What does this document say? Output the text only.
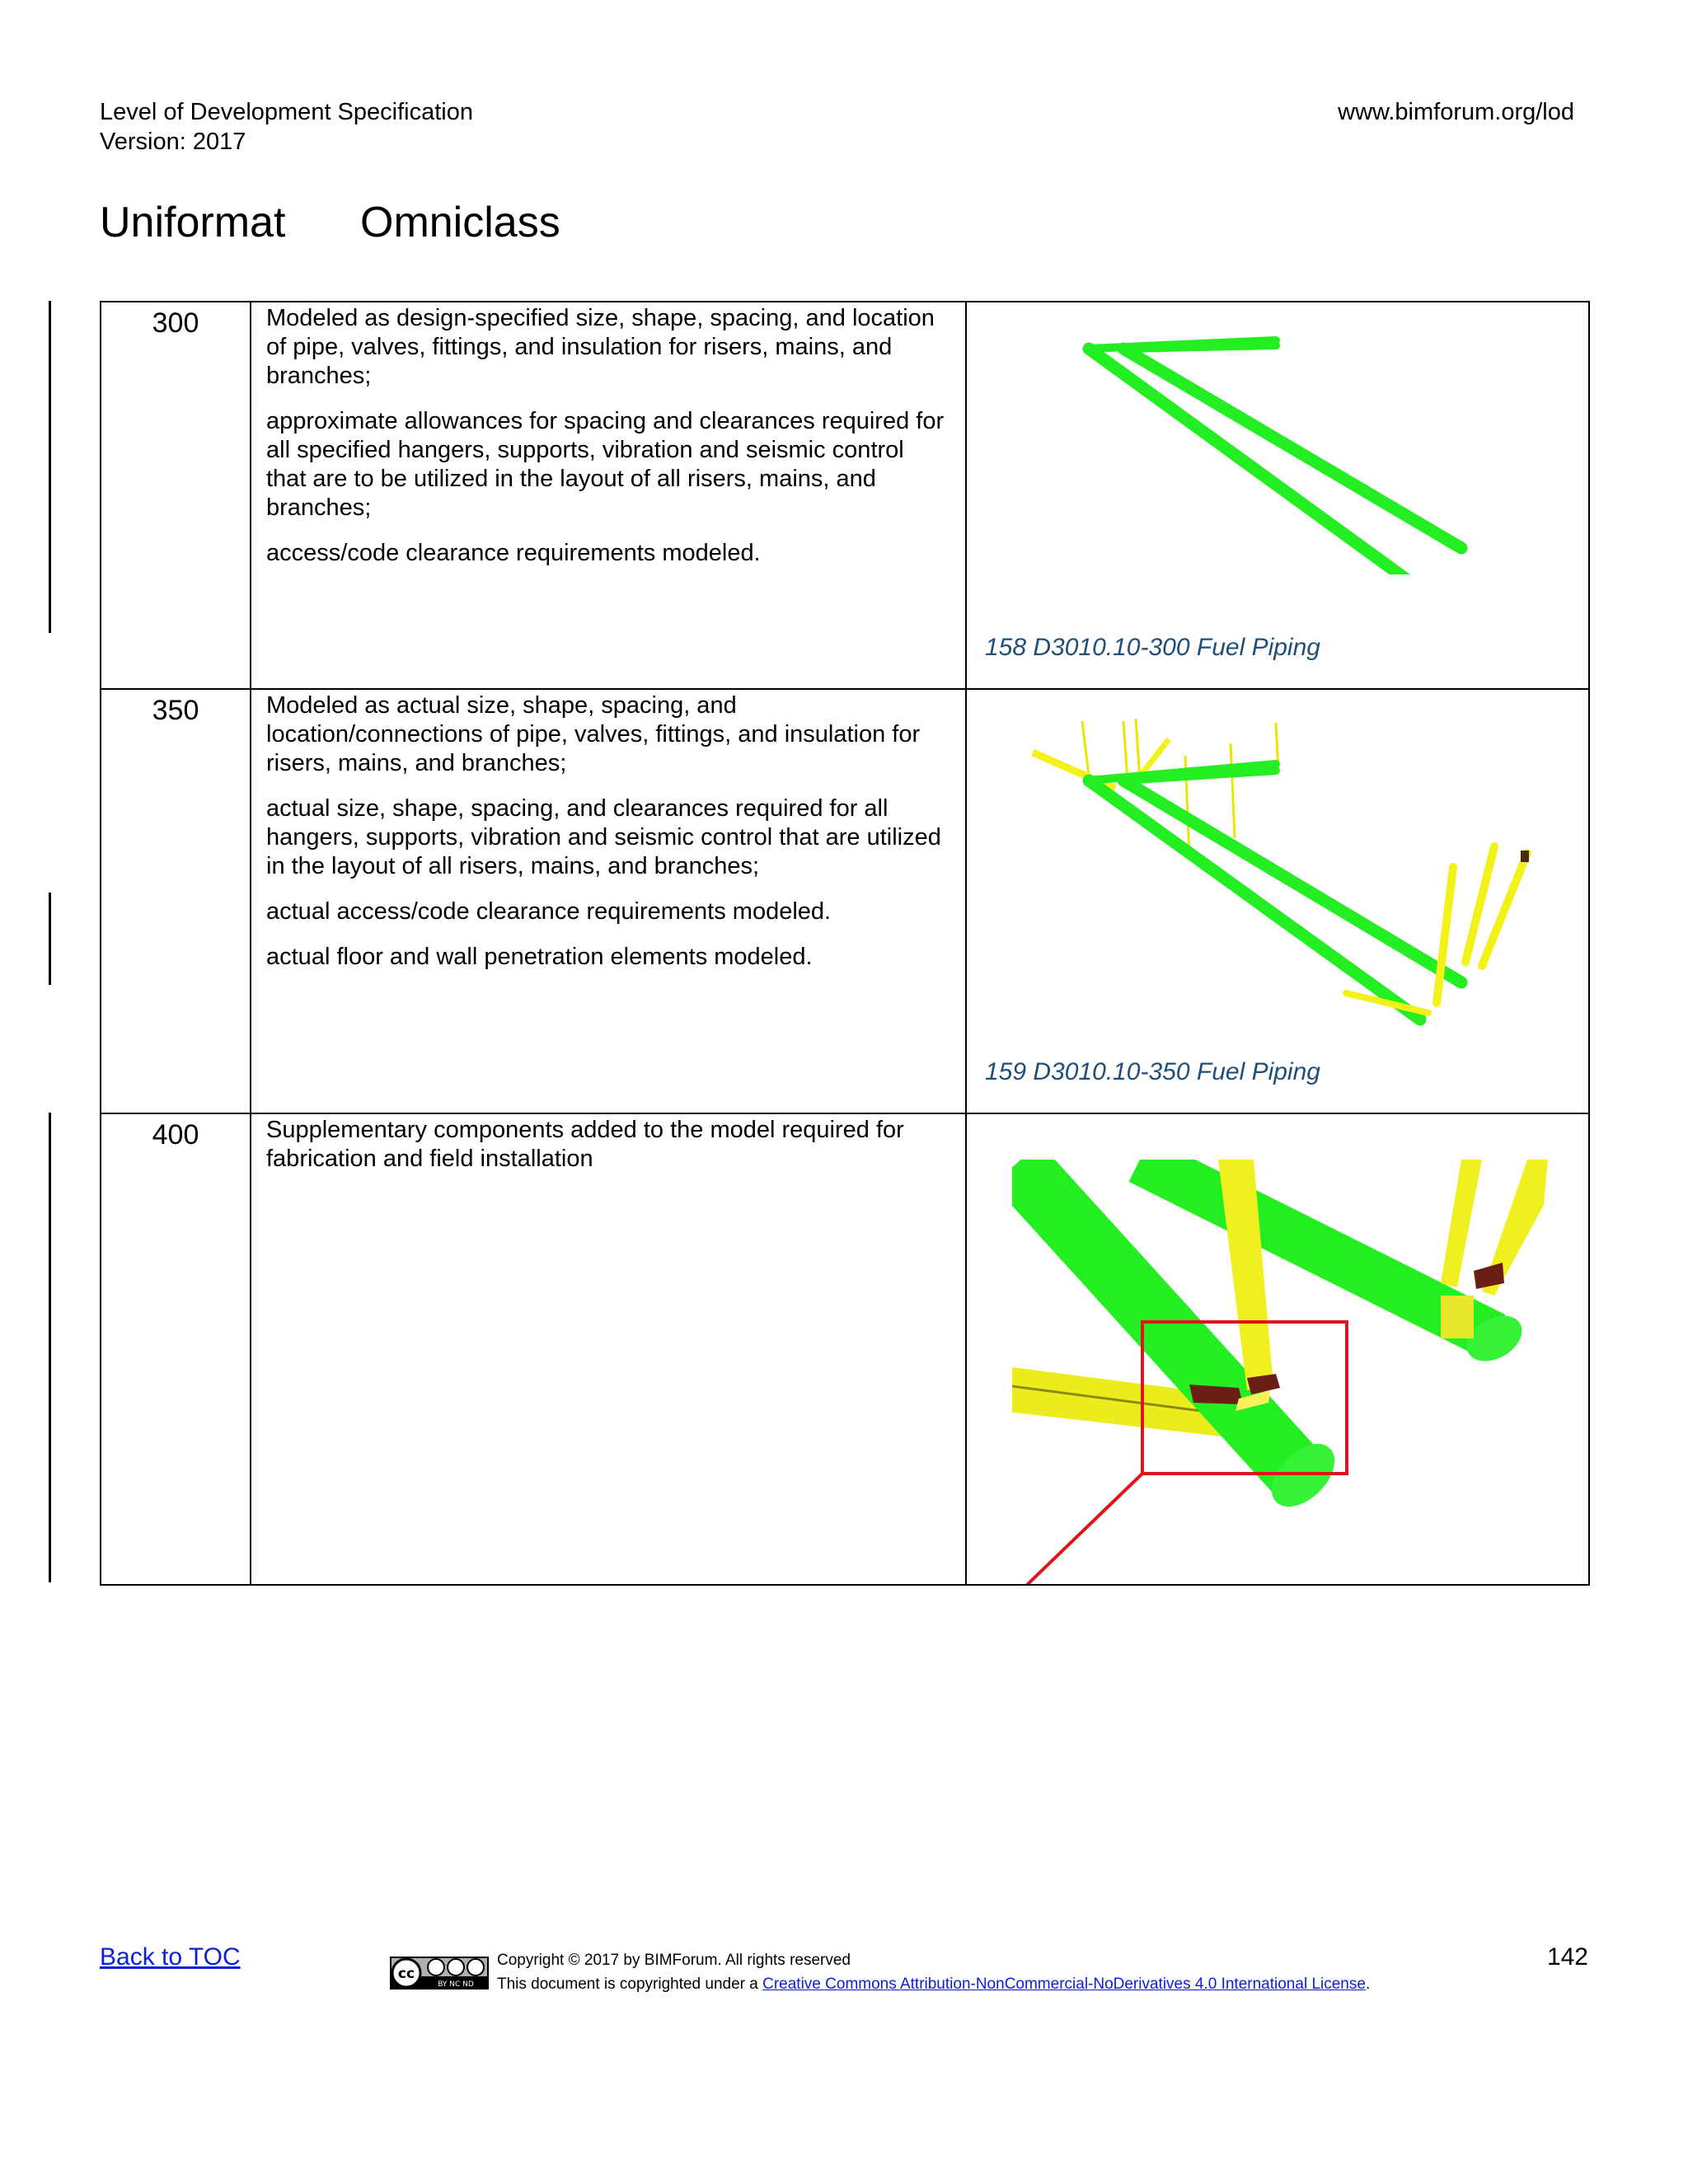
Level of Development Specification
Version: 2017
www.bimforum.org/lod
Uniformat Omniclass
300	Modeled as design-specified size, shape, spacing, and location of pipe, valves, fittings, and insulation for risers, mains, and branches;

approximate allowances for spacing and clearances required for all specified hangers, supports, vibration and seismic control that are to be utilized in the layout of all risers, mains, and branches;

access/code clearance requirements modeled.	158 D3010.10-300 Fuel Piping

350	Modeled as actual size, shape, spacing, and location/connections of pipe, valves, fittings, and insulation for risers, mains, and branches;

actual size, shape, spacing, and clearances required for all hangers, supports, vibration and seismic control that are utilized in the layout of all risers, mains, and branches;

actual access/code clearance requirements modeled.

actual floor and wall penetration elements modeled.	159 D3010.10-350 Fuel Piping

400	Supplementary components added to the model required for fabrication and field installation

Back to TOC
cc
BY NC ND
Copyright © 2017 by BIMForum. All rights reserved
This document is copyrighted under a Creative Commons Attribution-NonCommercial-NoDerivatives 4.0 International License.
142
